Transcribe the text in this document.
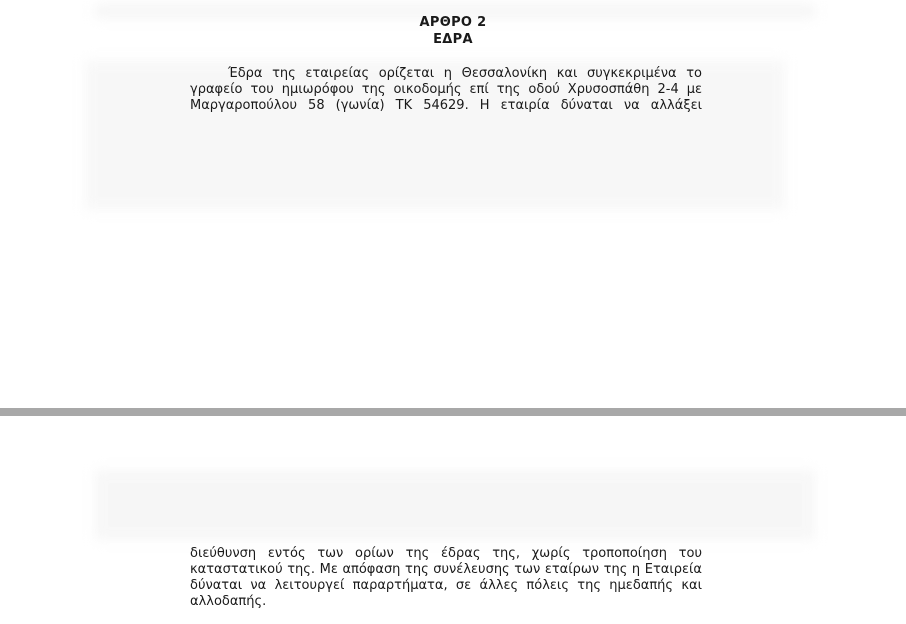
ΑΡΘΡΟ 2
ΕΔΡΑ

Έδρα της εταιρείας ορίζεται η Θεσσαλονίκη και συγκεκριμένα το
γραφείο του ημιωρόφου της οικοδομής επί της οδού Χρυσοσπάθη 2-4 με
Μαργαροπούλου 58 (γωνία) ΤΚ 54629. Η εταιρία δύναται να αλλάξει

διεύθυνση εντός των ορίων της έδρας της, χωρίς τροποποίηση του
καταστατικού της. Με απόφαση της συνέλευσης των εταίρων της η Εταιρεία
δύναται να λειτουργεί παραρτήματα, σε άλλες πόλεις της ημεδαπής και
αλλοδαπής.
